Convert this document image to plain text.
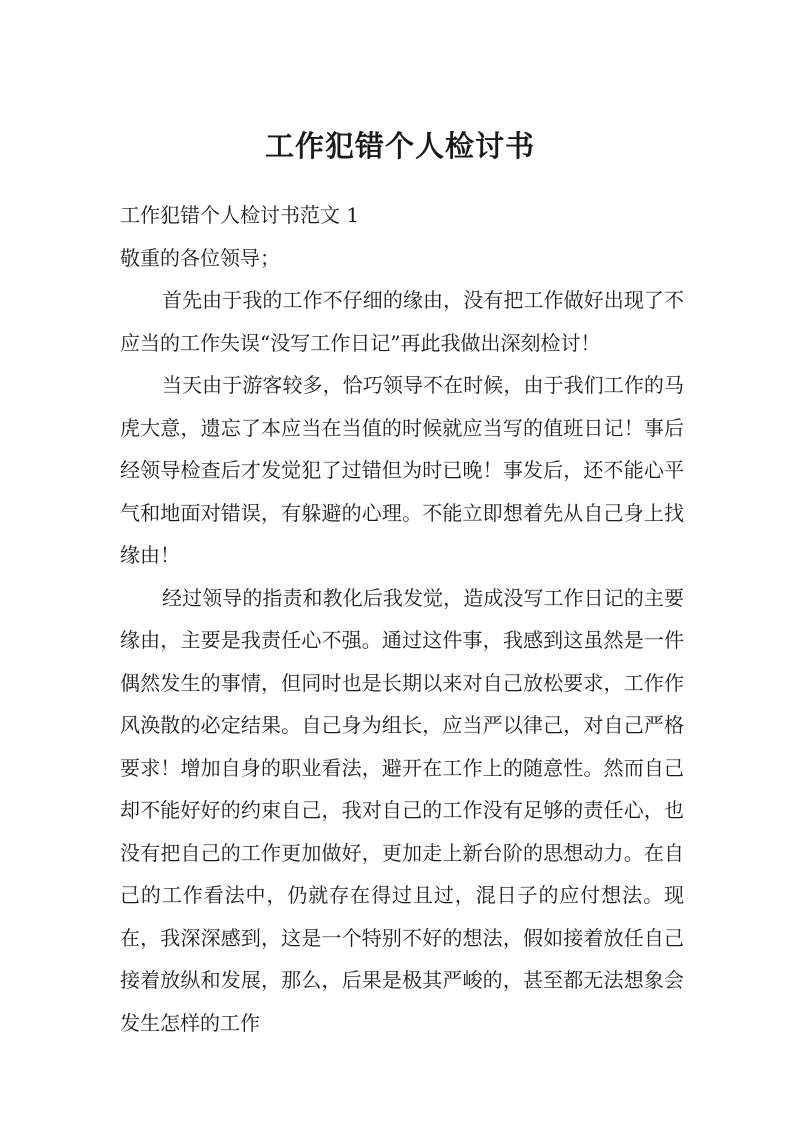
工作犯错个人检讨书

工作犯错个人检讨书范文 1

敬重的各位领导；

首先由于我的工作不仔细的缘由，没有把工作做好出现了不应当的工作失误“没写工作日记”再此我做出深刻检讨！

当天由于游客较多，恰巧领导不在时候，由于我们工作的马虎大意，遗忘了本应当在当值的时候就应当写的值班日记！事后经领导检查后才发觉犯了过错但为时已晚！事发后，还不能心平气和地面对错误，有躲避的心理。不能立即想着先从自己身上找缘由！

经过领导的指责和教化后我发觉，造成没写工作日记的主要缘由，主要是我责任心不强。通过这件事，我感到这虽然是一件偶然发生的事情，但同时也是长期以来对自己放松要求，工作作风涣散的必定结果。自己身为组长，应当严以律己，对自己严格要求！增加自身的职业看法，避开在工作上的随意性。然而自己却不能好好的约束自己，我对自己的工作没有足够的责任心，也没有把自己的工作更加做好，更加走上新台阶的思想动力。在自己的工作看法中，仍就存在得过且过，混日子的应付想法。现在，我深深感到，这是一个特别不好的想法，假如接着放任自己接着放纵和发展，那么，后果是极其严峻的，甚至都无法想象会发生怎样的工作
